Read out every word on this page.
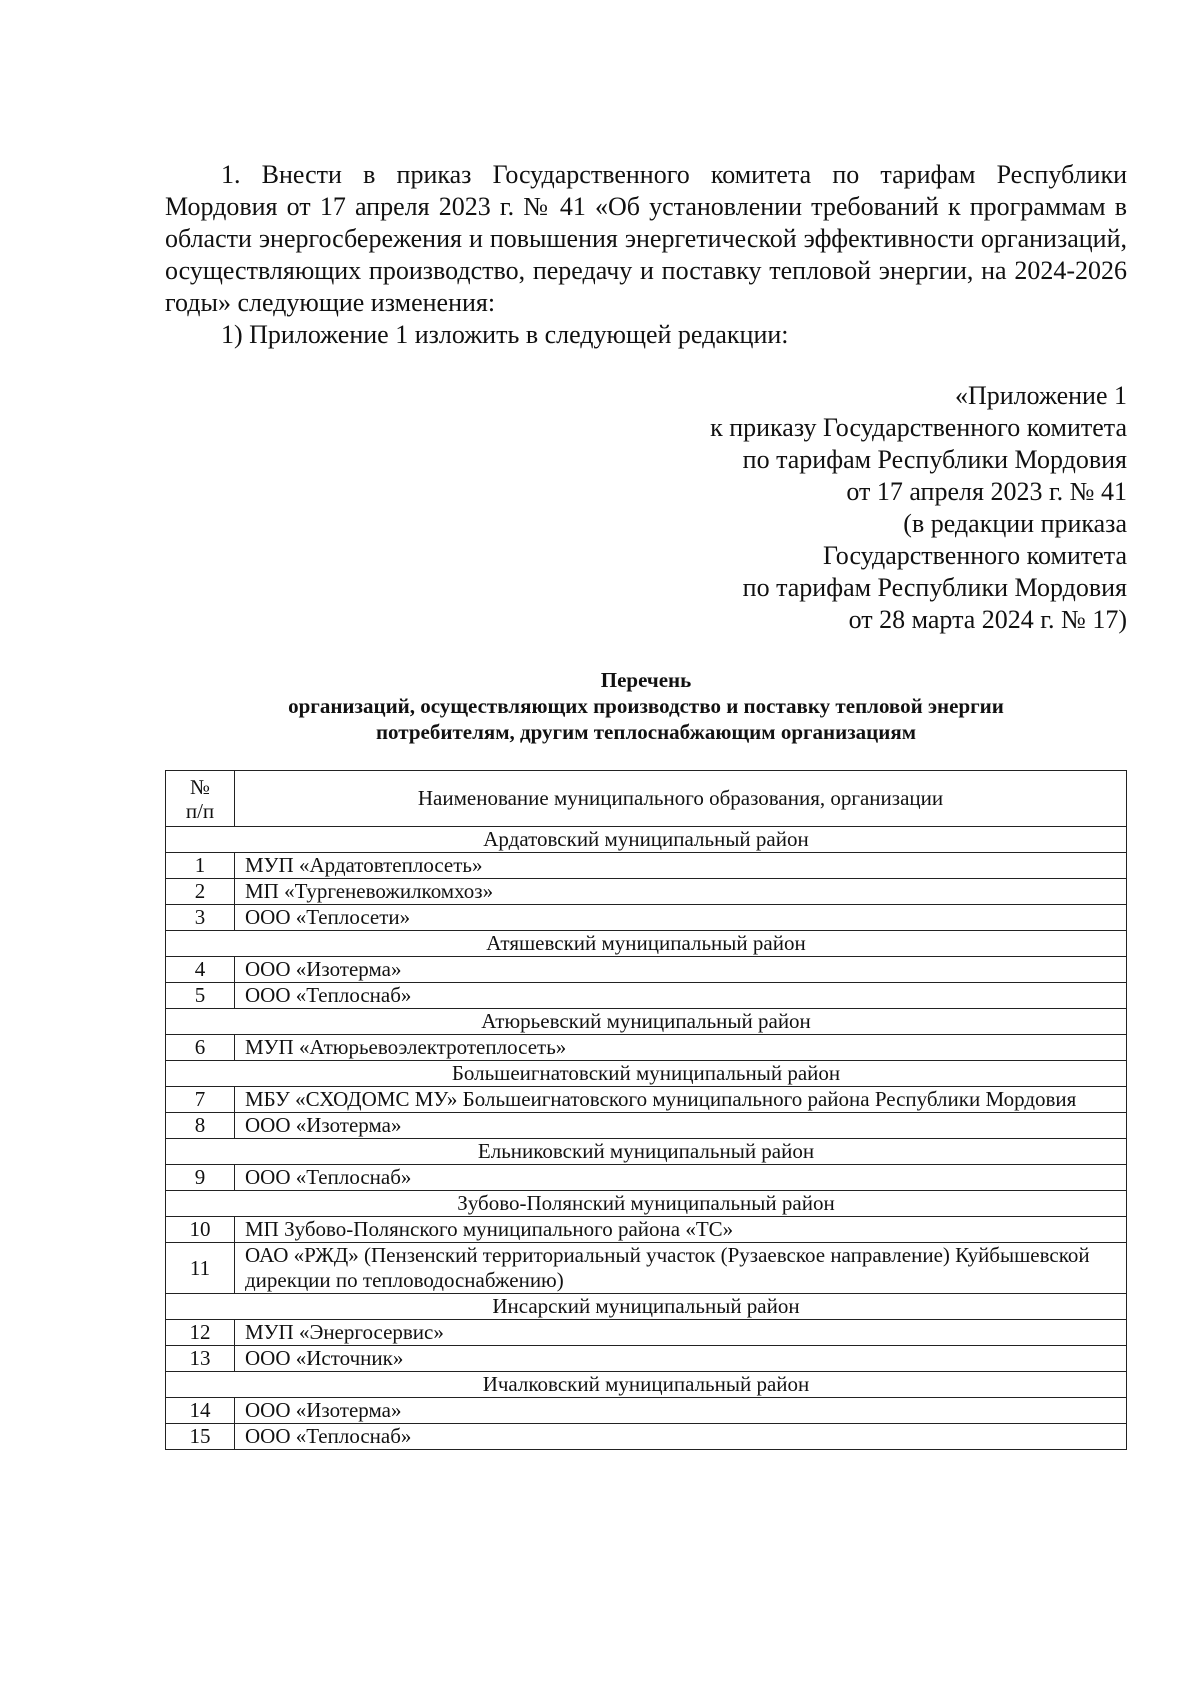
1. Внести в приказ Государственного комитета по тарифам Республики Мордовия от 17 апреля 2023 г. № 41 «Об установлении требований к программам в области энергосбережения и повышения энергетической эффективности организаций, осуществляющих производство, передачу и поставку тепловой энергии, на 2024-2026 годы» следующие изменения:

1) Приложение 1 изложить в следующей редакции:

«Приложение 1
к приказу Государственного комитета
по тарифам Республики Мордовия
от 17 апреля 2023 г. № 41
(в редакции приказа
Государственного комитета
по тарифам Республики Мордовия
от 28 марта 2024 г. № 17)
Перечень
организаций, осуществляющих производство и поставку тепловой энергии
потребителям, другим теплоснабжающим организациям
№
п/п	Наименование муниципального образования, организации
Ардатовский муниципальный район	
1	МУП «Ардатовтеплосеть»
2	МП «Тургеневожилкомхоз»
3	ООО «Теплосети»
Атяшевский муниципальный район	
4	ООО «Изотерма»
5	ООО «Теплоснаб»
Атюрьевский муниципальный район	
6	МУП «Атюрьевоэлектротеплосеть»
Большеигнатовский муниципальный район	
7	МБУ «СХОДОМС МУ» Большеигнатовского муниципального района Республики Мордовия
8	ООО «Изотерма»
Ельниковский муниципальный район	
9	ООО «Теплоснаб»
Зубово-Полянский муниципальный район	
10	МП Зубово-Полянского муниципального района «ТС»
11	ОАО «РЖД» (Пензенский территориальный участок (Рузаевское направление) Куйбышевской дирекции по тепловодоснабжению)
Инсарский муниципальный район	
12	МУП «Энергосервис»
13	ООО «Источник»
Ичалковский муниципальный район	
14	ООО «Изотерма»
15	ООО «Теплоснаб»
